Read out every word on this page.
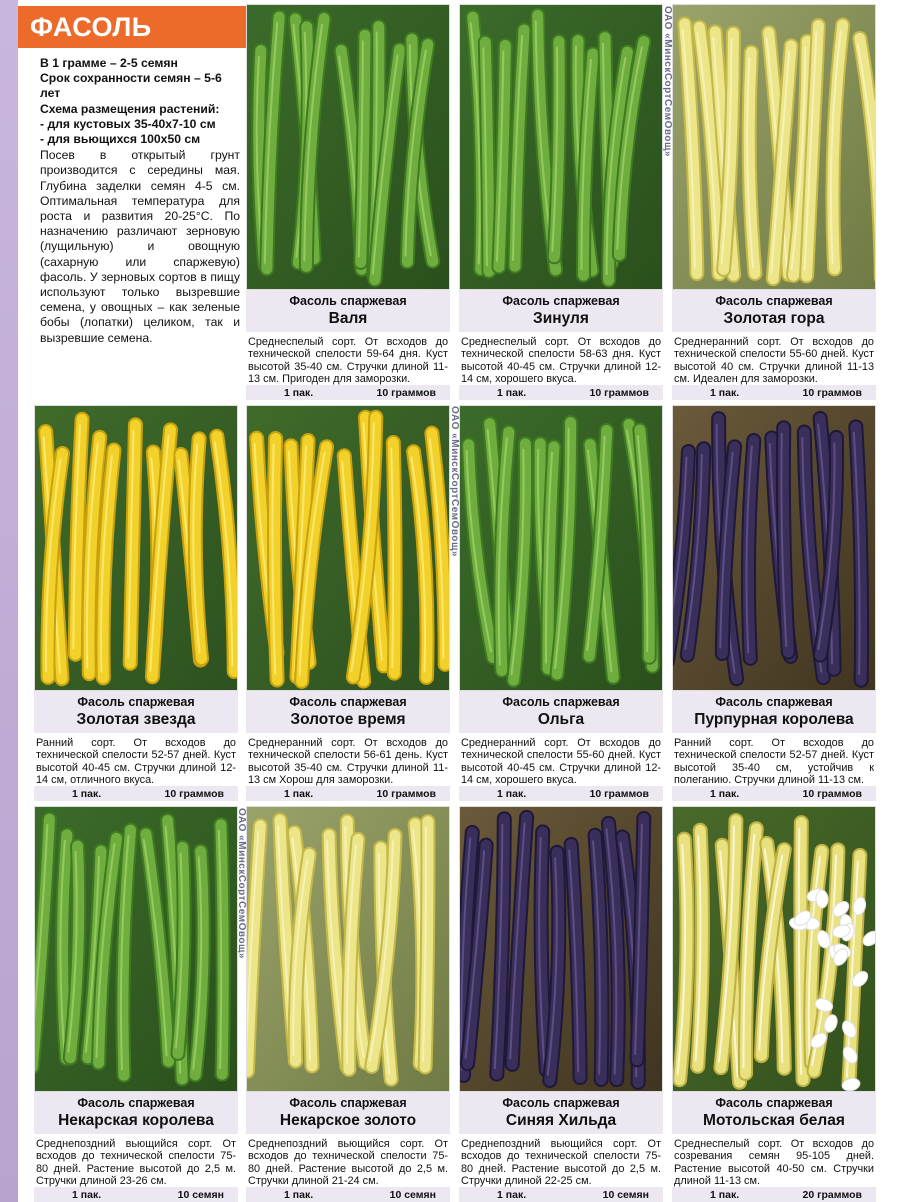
ФАСОЛЬ
В 1 грамме – 2-5 семян
Срок сохранности семян – 5-6 лет
Схема размещения растений:
- для кустовых 35-40х7-10 см
- для вьющихся 100х50 см
Посев в открытый грунт производится с середины мая. Глубина заделки семян 4-5 см. Оптимальная температура для роста и развития 20-25°С. По назначению различают зерновую (лущильную) и овощную (сахарную или спаржевую) фасоль. У зерновых сортов в пищу используют только вызревшие семена, у овощных – как зеленые бобы (лопатки) целиком, так и вызревшие семена.
ОАО «МинскСортСемОвощ»
ОАО «МинскСортСемОвощ»
ОАО «МинскСортСемОвощ»
Фасоль спаржевая
Валя
Среднеспелый сорт. От всходов до технической спелости 59-64 дня. Куст высотой 35-40 см. Стручки длиной 11-13 см. Пригоден для заморозки.
1 пак.	10 граммов
Фасоль спаржевая
Зинуля
Среднеспелый сорт. От всходов до технической спелости 58-63 дня. Куст высотой 40-45 см. Стручки длиной 12-14 см, хорошего вкуса.
1 пак.	10 граммов
Фасоль спаржевая
Золотая гора
Среднеранний сорт. От всходов до технической спелости 55-60 дней. Куст высотой 40 см. Стручки длиной 11-13 см. Идеален для заморозки.
1 пак.	10 граммов
Фасоль спаржевая
Золотая звезда
Ранний сорт. От всходов до технической спелости 52-57 дней. Куст высотой 40-45 см. Стручки длиной 12-14 см, отличного вкуса.
1 пак.	10 граммов
Фасоль спаржевая
Золотое время
Среднеранний сорт. От всходов до технической спелости 56-61 день. Куст высотой 35-40 см. Стручки длиной 11-13 см Хорош для заморозки.
1 пак.	10 граммов
Фасоль спаржевая
Ольга
Среднеранний сорт. От всходов до технической спелости 55-60 дней. Куст высотой 40-45 см. Стручки длиной 12-14 см, хорошего вкуса.
1 пак.	10 граммов
Фасоль спаржевая
Пурпурная королева
Ранний сорт. От всходов до технической спелости 52-57 дней. Куст высотой 35-40 см, устойчив к полеганию. Стручки длиной 11-13 см.
1 пак.	10 граммов
Фасоль спаржевая
Некарская королева
Среднепоздний вьющийся сорт. От всходов до технической спелости 75-80 дней. Растение высотой до 2,5 м. Стручки длиной 23-26 см.
1 пак.	10 семян
Фасоль спаржевая
Некарское золото
Среднепоздний вьющийся сорт. От всходов до технической спелости 75-80 дней. Растение высотой до 2,5 м. Стручки длиной 21-24 см.
1 пак.	10 семян
Фасоль спаржевая
Синяя Хильда
Среднепоздний вьющийся сорт. От всходов до технической спелости 75-80 дней. Растение высотой до 2,5 м. Стручки длиной 22-25 см.
1 пак.	10 семян
Фасоль спаржевая
Мотольская белая
Среднеспелый сорт. От всходов до созревания семян 95-105 дней. Растение высотой 40-50 см. Стручки длиной 11-13 см.
1 пак.	20 граммов
